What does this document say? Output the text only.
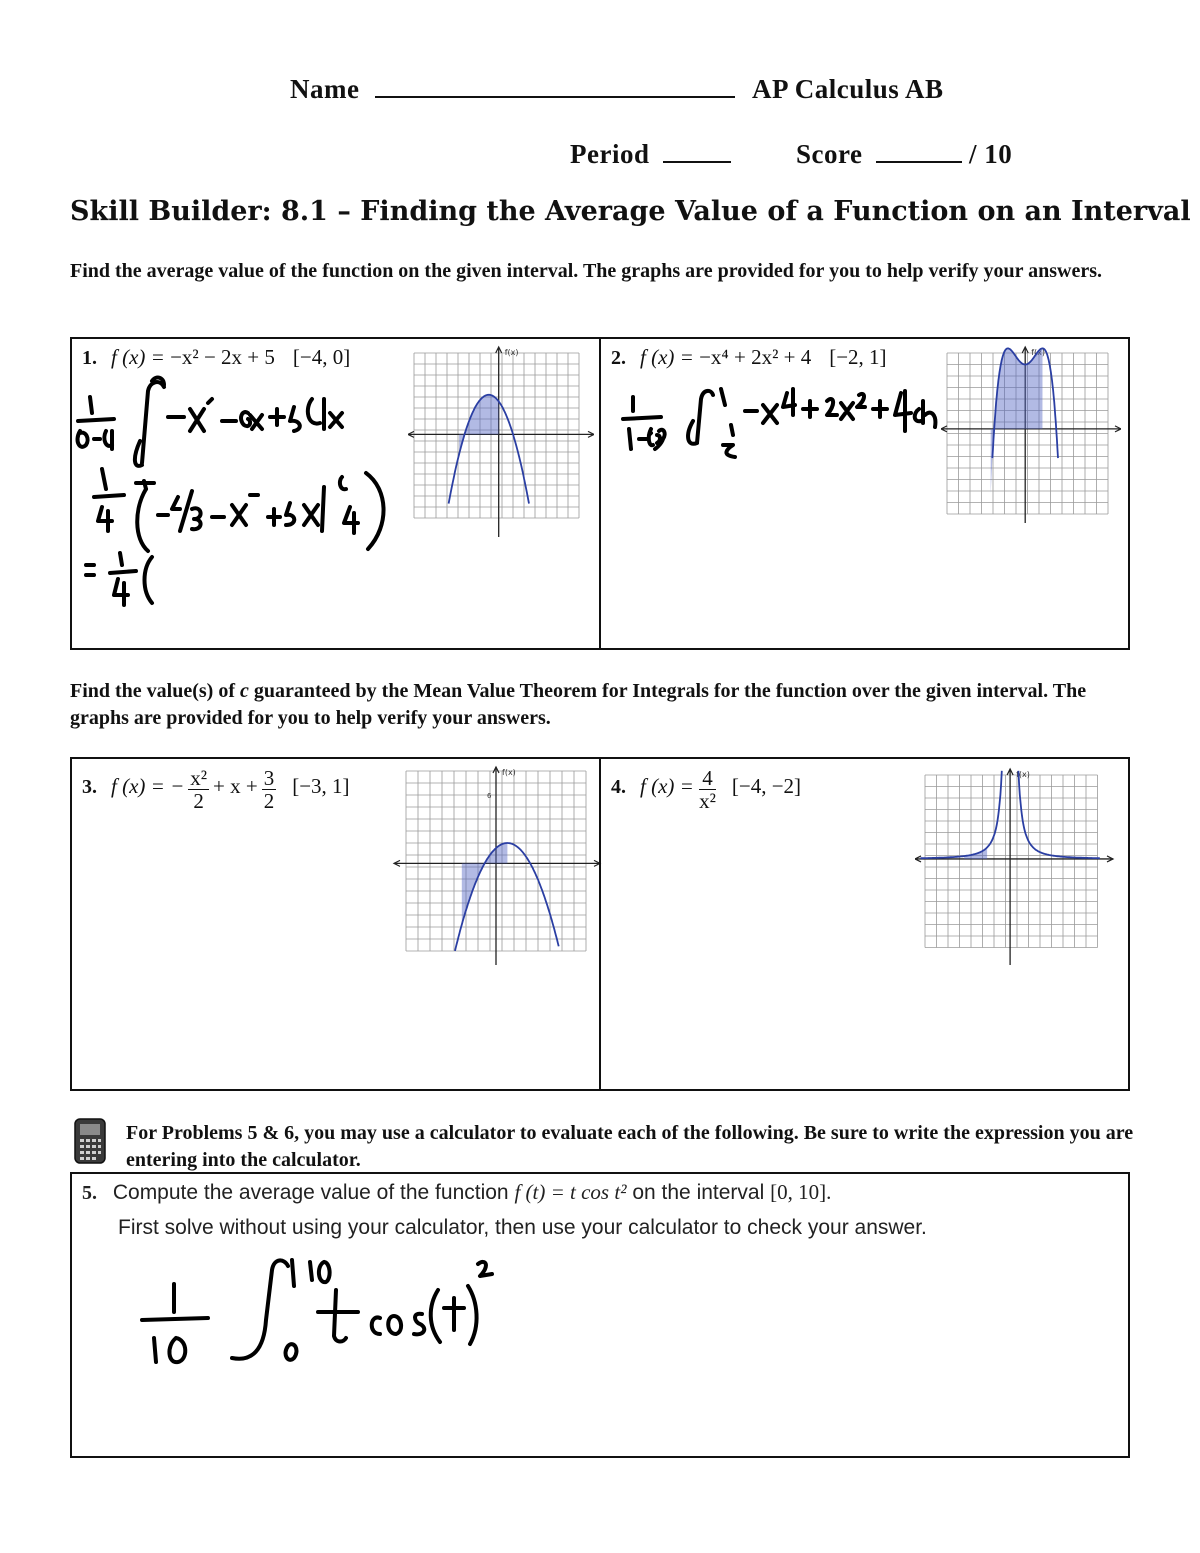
Name	AP Calculus AB
Period	Score	/ 10
Skill Builder: 8.1 – Finding the Average Value of a Function on an Interval
Find the average value of the function on the given interval. The graphs are provided for you to help verify your answers.
1. f (x) = −x² − 2x + 5 [−4, 0]	f(x)	2. f (x) = −x⁴ + 2x² + 4 [−2, 1]	f(x)
Find the value(s) of c guaranteed by the Mean Value Theorem for Integrals for the function over the given interval. The graphs are provided for you to help verify your answers.
3. f (x) = − $\frac{\text{x²}}{2} + x + \frac{3}{2} [-3$, 1]
f(x)
6	4. f $(x) = \frac{4}{\text{x²}} [-4$, −2]	f(x)
For Problems 5 & 6, you may use a calculator to evaluate each of the following. Be sure to write the expression you are entering into the calculator.
5. Compute the average value of the function f (t) = t cos t² on the interval [0, 10].
First solve without using your calculator, then use your calculator to check your answer.
